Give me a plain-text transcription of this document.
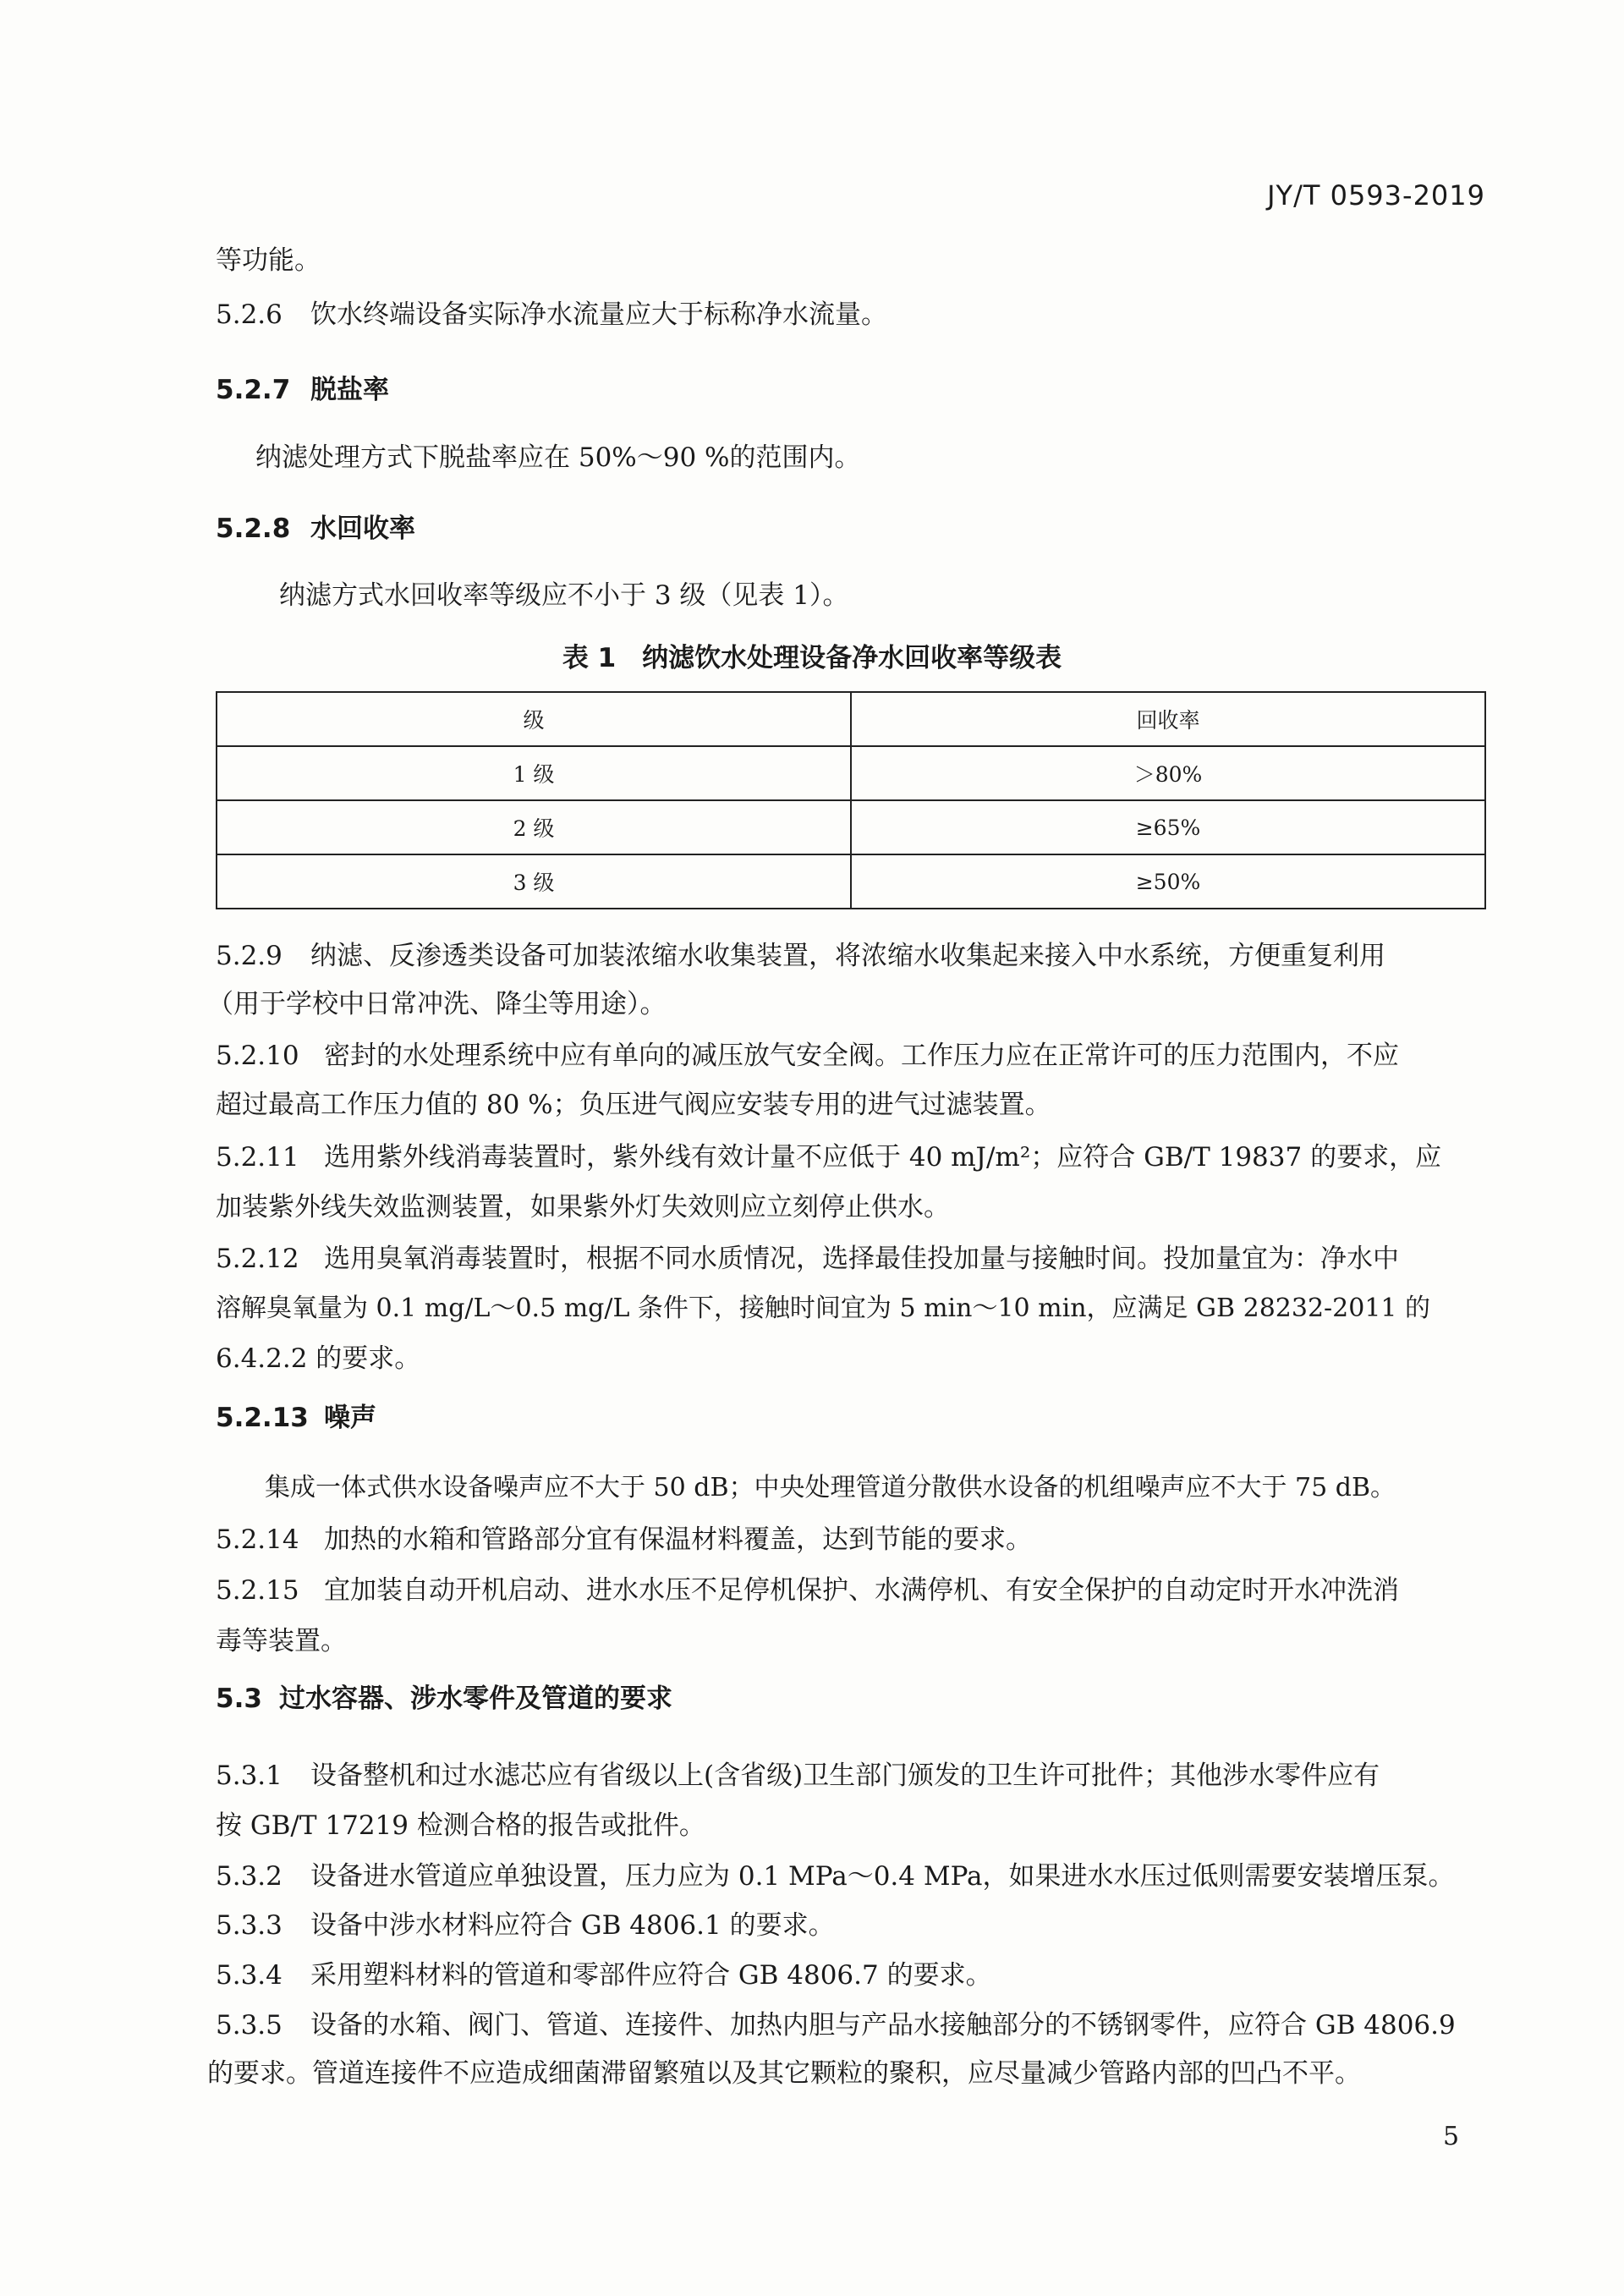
JY/T 0593-2019
等功能。
5.2.6 饮水终端设备实际净水流量应大于标称净水流量。
5.2.7 脱盐率
纳滤处理方式下脱盐率应在 50%～90 %的范围内。
5.2.8 水回收率
纳滤方式水回收率等级应不小于 3 级（见表 1）。
表 1　纳滤饮水处理设备净水回收率等级表
级	回收率
1 级	＞80%
2 级	≥65%
3 级	≥50%
5.2.9 纳滤、反渗透类设备可加装浓缩水收集装置，将浓缩水收集起来接入中水系统，方便重复利用
（用于学校中日常冲洗、降尘等用途）。
5.2.10 密封的水处理系统中应有单向的减压放气安全阀。工作压力应在正常许可的压力范围内，不应
超过最高工作压力值的 80 %；负压进气阀应安装专用的进气过滤装置。
5.2.11 选用紫外线消毒装置时，紫外线有效计量不应低于 40 mJ/m²；应符合 GB/T 19837 的要求，应
加装紫外线失效监测装置，如果紫外灯失效则应立刻停止供水。
5.2.12 选用臭氧消毒装置时，根据不同水质情况，选择最佳投加量与接触时间。投加量宜为：净水中
溶解臭氧量为 0.1 mg/L～0.5 mg/L 条件下，接触时间宜为 5 min～10 min，应满足 GB 28232-2011 的
6.4.2.2 的要求。
5.2.13 噪声
集成一体式供水设备噪声应不大于 50 dB；中央处理管道分散供水设备的机组噪声应不大于 75 dB。
5.2.14 加热的水箱和管路部分宜有保温材料覆盖，达到节能的要求。
5.2.15 宜加装自动开机启动、进水水压不足停机保护、水满停机、有安全保护的自动定时开水冲洗消
毒等装置。
5.3 过水容器、涉水零件及管道的要求
5.3.1 设备整机和过水滤芯应有省级以上(含省级)卫生部门颁发的卫生许可批件；其他涉水零件应有
按 GB/T 17219 检测合格的报告或批件。
5.3.2 设备进水管道应单独设置，压力应为 0.1 MPa～0.4 MPa，如果进水水压过低则需要安装增压泵。
5.3.3 设备中涉水材料应符合 GB 4806.1 的要求。
5.3.4 采用塑料材料的管道和零部件应符合 GB 4806.7 的要求。
5.3.5 设备的水箱、阀门、管道、连接件、加热内胆与产品水接触部分的不锈钢零件，应符合 GB 4806.9
的要求。管道连接件不应造成细菌滞留繁殖以及其它颗粒的聚积，应尽量减少管路内部的凹凸不平。
5
